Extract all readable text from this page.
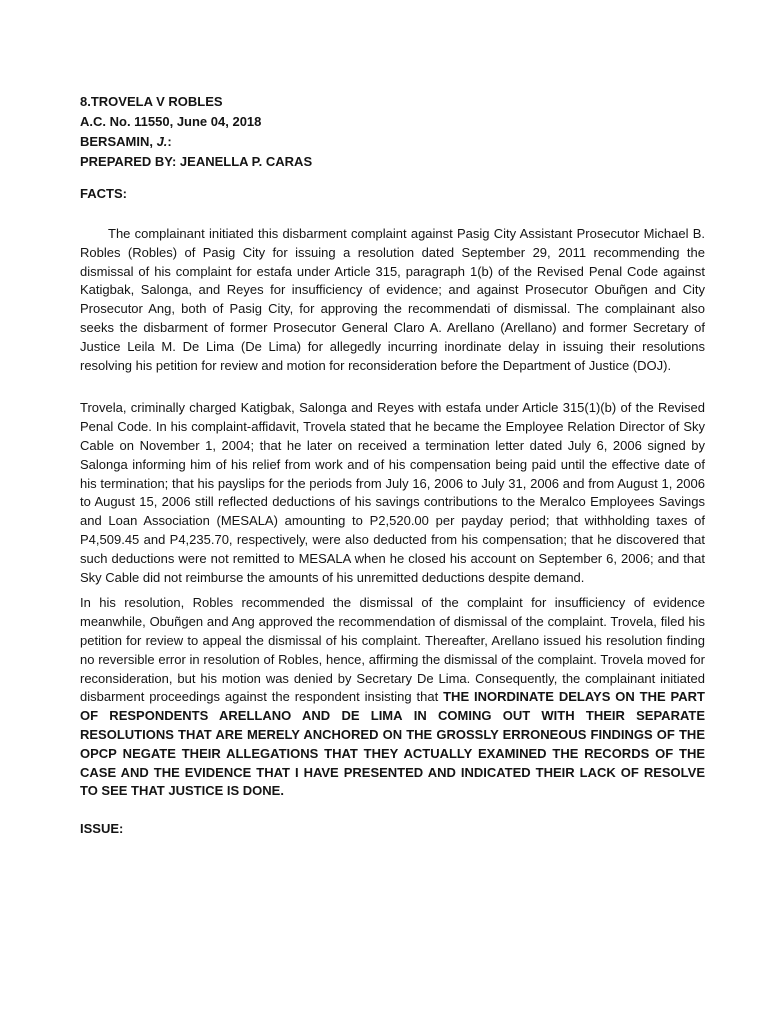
8.TROVELA V ROBLES
A.C. No. 11550, June 04, 2018
BERSAMIN, J.:
PREPARED BY: JEANELLA P. CARAS
FACTS:

The complainant initiated this disbarment complaint against Pasig City Assistant Prosecutor Michael B. Robles (Robles) of Pasig City for issuing a resolution dated September 29, 2011 recommending the dismissal of his complaint for estafa under Article 315, paragraph 1(b) of the Revised Penal Code against Katigbak, Salonga, and Reyes for insufficiency of evidence; and against Prosecutor Obuñgen and City Prosecutor Ang, both of Pasig City, for approving the recommendati of dismissal. The complainant also seeks the disbarment of former Prosecutor General Claro A. Arellano (Arellano) and former Secretary of Justice Leila M. De Lima (De Lima) for allegedly incurring inordinate delay in issuing their resolutions resolving his petition for review and motion for reconsideration before the Department of Justice (DOJ).

Trovela, criminally charged Katigbak, Salonga and Reyes with estafa under Article 315(1)(b) of the Revised Penal Code. In his complaint-affidavit, Trovela stated that he became the Employee Relation Director of Sky Cable on November 1, 2004; that he later on received a termination letter dated July 6, 2006 signed by Salonga informing him of his relief from work and of his compensation being paid until the effective date of his termination; that his payslips for the periods from July 16, 2006 to July 31, 2006 and from August 1, 2006 to August 15, 2006 still reflected deductions of his savings contributions to the Meralco Employees Savings and Loan Association (MESALA) amounting to P2,520.00 per payday period; that withholding taxes of P4,509.45 and P4,235.70, respectively, were also deducted from his compensation; that he discovered that such deductions were not remitted to MESALA when he closed his account on September 6, 2006; and that Sky Cable did not reimburse the amounts of his unremitted deductions despite demand.

In his resolution, Robles recommended the dismissal of the complaint for insufficiency of evidence meanwhile, Obuñgen and Ang approved the recommendation of dismissal of the complaint. Trovela, filed his petition for review to appeal the dismissal of his complaint. Thereafter, Arellano issued his resolution finding no reversible error in resolution of Robles, hence, affirming the dismissal of the complaint. Trovela moved for reconsideration, but his motion was denied by Secretary De Lima. Consequently, the complainant initiated disbarment proceedings against the respondent insisting that THE INORDINATE DELAYS ON THE PART OF RESPONDENTS ARELLANO AND DE LIMA IN COMING OUT WITH THEIR SEPARATE RESOLUTIONS THAT ARE MERELY ANCHORED ON THE GROSSLY ERRONEOUS FINDINGS OF THE OPCP NEGATE THEIR ALLEGATIONS THAT THEY ACTUALLY EXAMINED THE RECORDS OF THE CASE AND THE EVIDENCE THAT I HAVE PRESENTED AND INDICATED THEIR LACK OF RESOLVE TO SEE THAT JUSTICE IS DONE.

ISSUE:
